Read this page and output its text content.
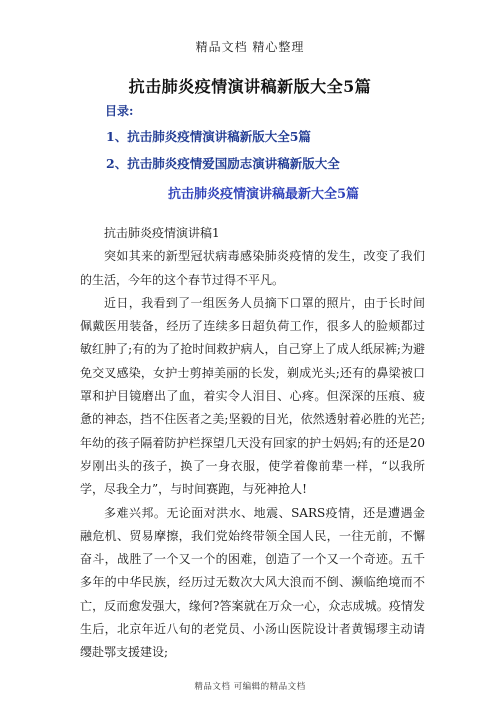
精品文档 精心整理
抗击肺炎疫情演讲稿新版大全5篇
目录:
1、抗击肺炎疫情演讲稿新版大全5篇
2、抗击肺炎疫情爱国励志演讲稿新版大全
抗击肺炎疫情演讲稿最新大全5篇

抗击肺炎疫情演讲稿1

突如其来的新型冠状病毒感染肺炎疫情的发生，改变了我们的生活，今年的这个春节过得不平凡。

近日，我看到了一组医务人员摘下口罩的照片，由于长时间佩戴医用装备，经历了连续多日超负荷工作，很多人的脸颊都过敏红肿了;有的为了抢时间救护病人，自己穿上了成人纸尿裤;为避免交叉感染，女护士剪掉美丽的长发，剃成光头;还有的鼻梁被口罩和护目镜磨出了血，着实令人泪目、心疼。但深深的压痕、疲惫的神态，挡不住医者之美;坚毅的目光，依然透射着必胜的光芒;年幼的孩子隔着防护栏探望几天没有回家的护士妈妈;有的还是20岁刚出头的孩子，换了一身衣服，使学着像前辈一样，“以我所学，尽我全力”，与时间赛跑，与死神抢人!

多难兴邦。无论面对洪水、地震、SARS疫情，还是遭遇金融危机、贸易摩擦，我们党始终带领全国人民，一往无前，不懈奋斗，战胜了一个又一个的困难，创造了一个又一个奇迹。五千多年的中华民族，经历过无数次大风大浪而不倒、濒临绝境而不亡，反而愈发强大，缘何?答案就在万众一心，众志成城。疫情发生后，北京年近八旬的老党员、小汤山医院设计者黄锡璆主动请缨赴鄂支援建设;

精品文档 可编辑的精品文档
